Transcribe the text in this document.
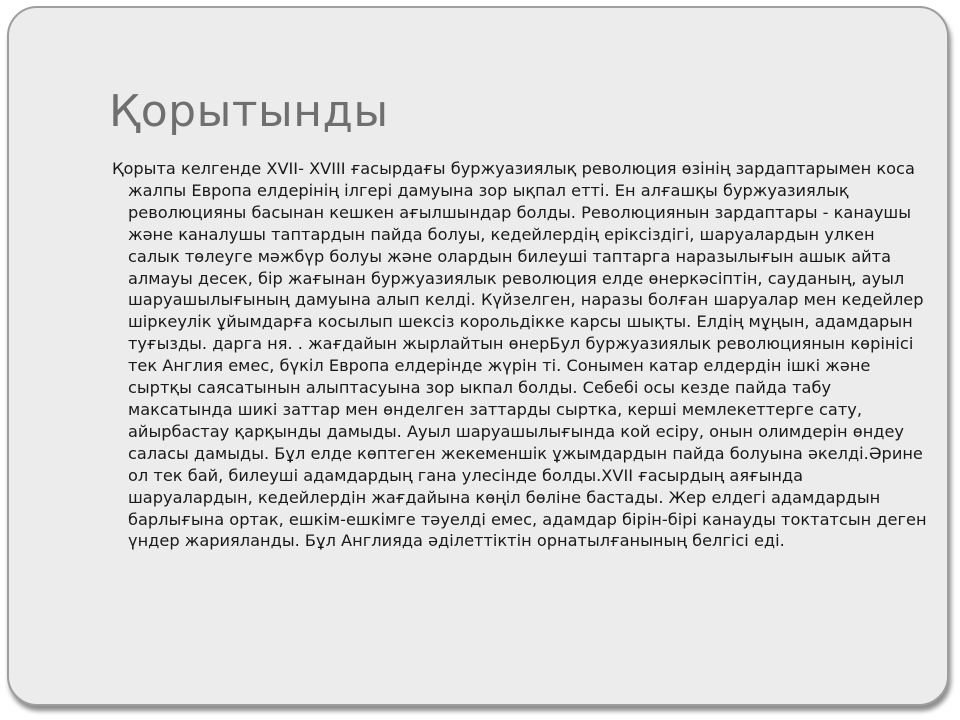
Қорытынды

Қорыта келгенде XVII- XVIII ғасырдағы буржуазиялық революция өзінің зардаптарымен коса жалпы Европа елдерінің ілгері дамуына зор ықпал етті. Ен алғашқы буржуазиялық революцияны басынан кешкен ағылшындар болды. Революциянын зардаптары - канаушы және каналушы таптардын пайда болуы, кедейлердің ерiксіздiгі, шаруалардын улкен салык төлеуге мәжбүр болуы және олардын билеушi таптарга наразылығын ашык айта алмауы десек, бір жағынан буржуазиялык революция елде өнеркәсiптiн, сауданың, ауыл шаруашылығының дамуына алып келді. Күйзелген, наразы болған шаруалар мен кедейлер шiркеулік ұйымдарға косылып шексiз корольдiкке карсы шықты. Елдің мұңын, адамдарын туғызды. дарга ня. . жағдайын жырлайтын өнерБул буржуазиялык революциянын көрiнiсi тек Англия емес, бүкіл Европа елдерінде жүрiн тi. Сонымен катар елдердiн iшкi және сыртқы саясатынын алыптасуына зор ыкпал болды. Себебi осы кезде пайда табу максатында шикi заттар мен өнделген заттарды сыртка, кершi мемлекеттерге сату, айырбастау қарқынды дамыды. Ауыл шаруашылығында кой есiру, онын олимдерін өндеу саласы дамыды. Бұл елде көптеген жекеменшік ұжымдардын пайда болуына әкелді.Әрине ол тек бай, билеушi адамдардың гана улесiнде болды.XVII ғасырдың аяғында шаруалардын, кедейлердiн жағдайына көңіл бөлiне бастады. Жер елдегі адамдардын барлығына ортак, ешкiм-ешкімге тәуелдi емес, адамдар бiрiн-бiрi канауды токтатсын деген үндер жарияланды. Бұл Англияда әдiлеттiктiн орнатылғанының белгiсi едi.
